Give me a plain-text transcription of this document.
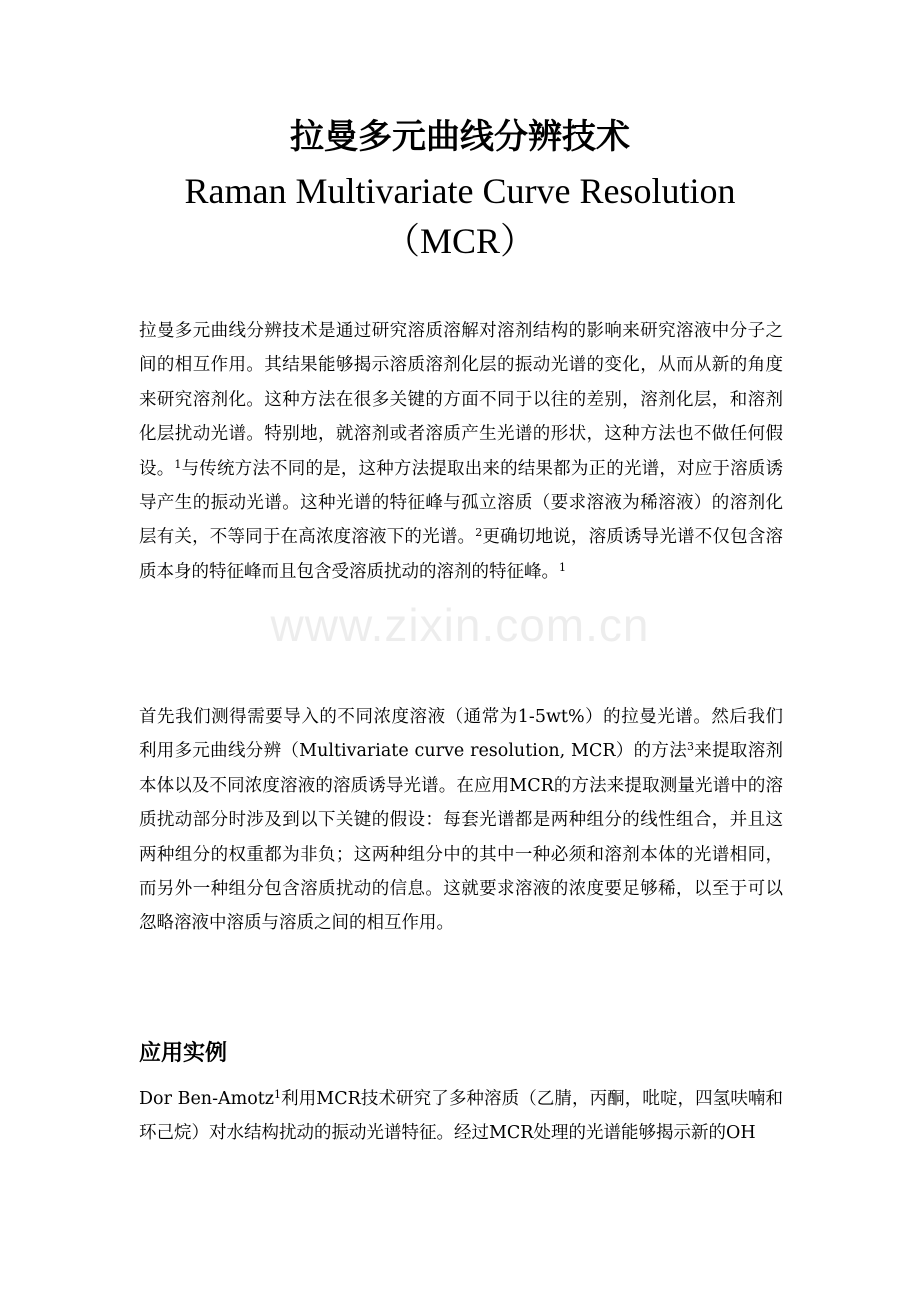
拉曼多元曲线分辨技术
Raman Multivariate Curve Resolution
（MCR）
www.zixin.com.cn

拉曼多元曲线分辨技术是通过研究溶质溶解对溶剂结构的影响来研究溶液中分子之间的相互作用。其结果能够揭示溶质溶剂化层的振动光谱的变化，从而从新的角度来研究溶剂化。这种方法在很多关键的方面不同于以往的差别，溶剂化层，和溶剂化层扰动光谱。特别地，就溶剂或者溶质产生光谱的形状，这种方法也不做任何假设。$^1$与传统方法不同的是，这种方法提取出来的结果都为正的光谱，对应于溶质诱导产生的振动光谱。这种光谱的特征峰与孤立溶质（要求溶液为稀溶液）的溶剂化层有关，不等同于在高浓度溶液下的光谱。$^2$更确切地说，溶质诱导光谱不仅包含溶质本身的特征峰而且包含受溶质扰动的溶剂的特征峰。$^1$

首先我们测得需要导入的不同浓度溶液（通常为1-5wt%）的拉曼光谱。然后我们利用多元曲线分辨（Multivariate curve resolution, MCR）的方法$^3$来提取溶剂本体以及不同浓度溶液的溶质诱导光谱。在应用MCR的方法来提取测量光谱中的溶质扰动部分时涉及到以下关键的假设：每套光谱都是两种组分的线性组合，并且这两种组分的权重都为非负；这两种组分中的其中一种必须和溶剂本体的光谱相同，而另外一种组分包含溶质扰动的信息。这就要求溶液的浓度要足够稀，以至于可以忽略溶液中溶质与溶质之间的相互作用。

应用实例

Dor Ben-Amotz$^1$利用MCR技术研究了多种溶质（乙腈，丙酮，吡啶，四氢呋喃和环己烷）对水结构扰动的振动光谱特征。经过MCR处理的光谱能够揭示新的OH
